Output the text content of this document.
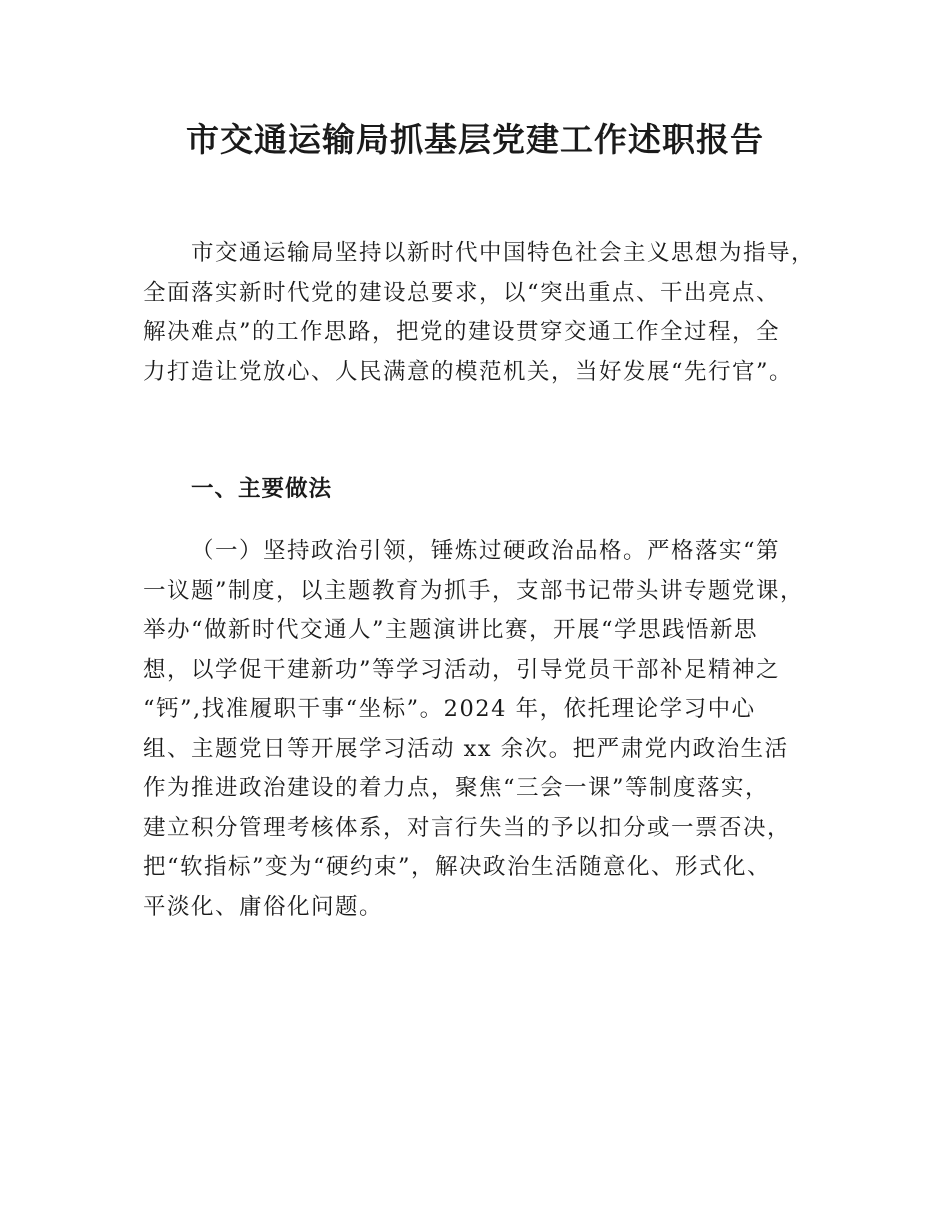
市交通运输局抓基层党建工作述职报告
市交通运输局坚持以新时代中国特色社会主义思想为指导，
全面落实新时代党的建设总要求，以“突出重点、干出亮点、
解决难点”的工作思路，把党的建设贯穿交通工作全过程，全
力打造让党放心、人民满意的模范机关，当好发展“先行官”。
一、主要做法
（一）坚持政治引领，锤炼过硬政治品格。严格落实“第
一议题”制度，以主题教育为抓手，支部书记带头讲专题党课，
举办“做新时代交通人”主题演讲比赛，开展“学思践悟新思
想，以学促干建新功”等学习活动，引导党员干部补足精神之
“钙”,找准履职干事“坐标”。2024 年，依托理论学习中心
组、主题党日等开展学习活动 xx 余次。把严肃党内政治生活
作为推进政治建设的着力点，聚焦“三会一课”等制度落实，
建立积分管理考核体系，对言行失当的予以扣分或一票否决，
把“软指标”变为“硬约束”，解决政治生活随意化、形式化、
平淡化、庸俗化问题。
